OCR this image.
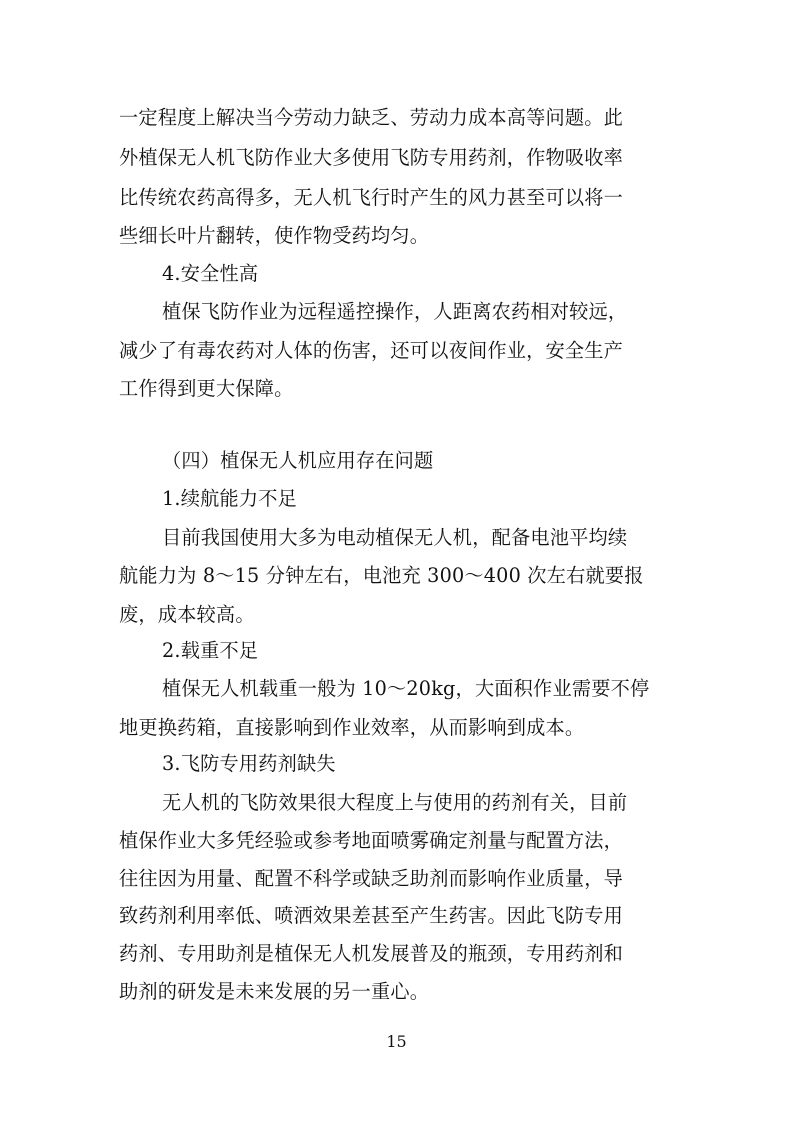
一定程度上解决当今劳动力缺乏、劳动力成本高等问题。此
外植保无人机飞防作业大多使用飞防专用药剂，作物吸收率
比传统农药高得多，无人机飞行时产生的风力甚至可以将一
些细长叶片翻转，使作物受药均匀。
4.安全性高
植保飞防作业为远程遥控操作，人距离农药相对较远，
减少了有毒农药对人体的伤害，还可以夜间作业，安全生产
工作得到更大保障。
（四）植保无人机应用存在问题
1.续航能力不足
目前我国使用大多为电动植保无人机，配备电池平均续
航能力为 8～15 分钟左右，电池充 300～400 次左右就要报
废，成本较高。
2.载重不足
植保无人机载重一般为 10～20kg，大面积作业需要不停
地更换药箱，直接影响到作业效率，从而影响到成本。
3.飞防专用药剂缺失
无人机的飞防效果很大程度上与使用的药剂有关，目前
植保作业大多凭经验或参考地面喷雾确定剂量与配置方法，
往往因为用量、配置不科学或缺乏助剂而影响作业质量，导
致药剂利用率低、喷洒效果差甚至产生药害。因此飞防专用
药剂、专用助剂是植保无人机发展普及的瓶颈，专用药剂和
助剂的研发是未来发展的另一重心。
15
